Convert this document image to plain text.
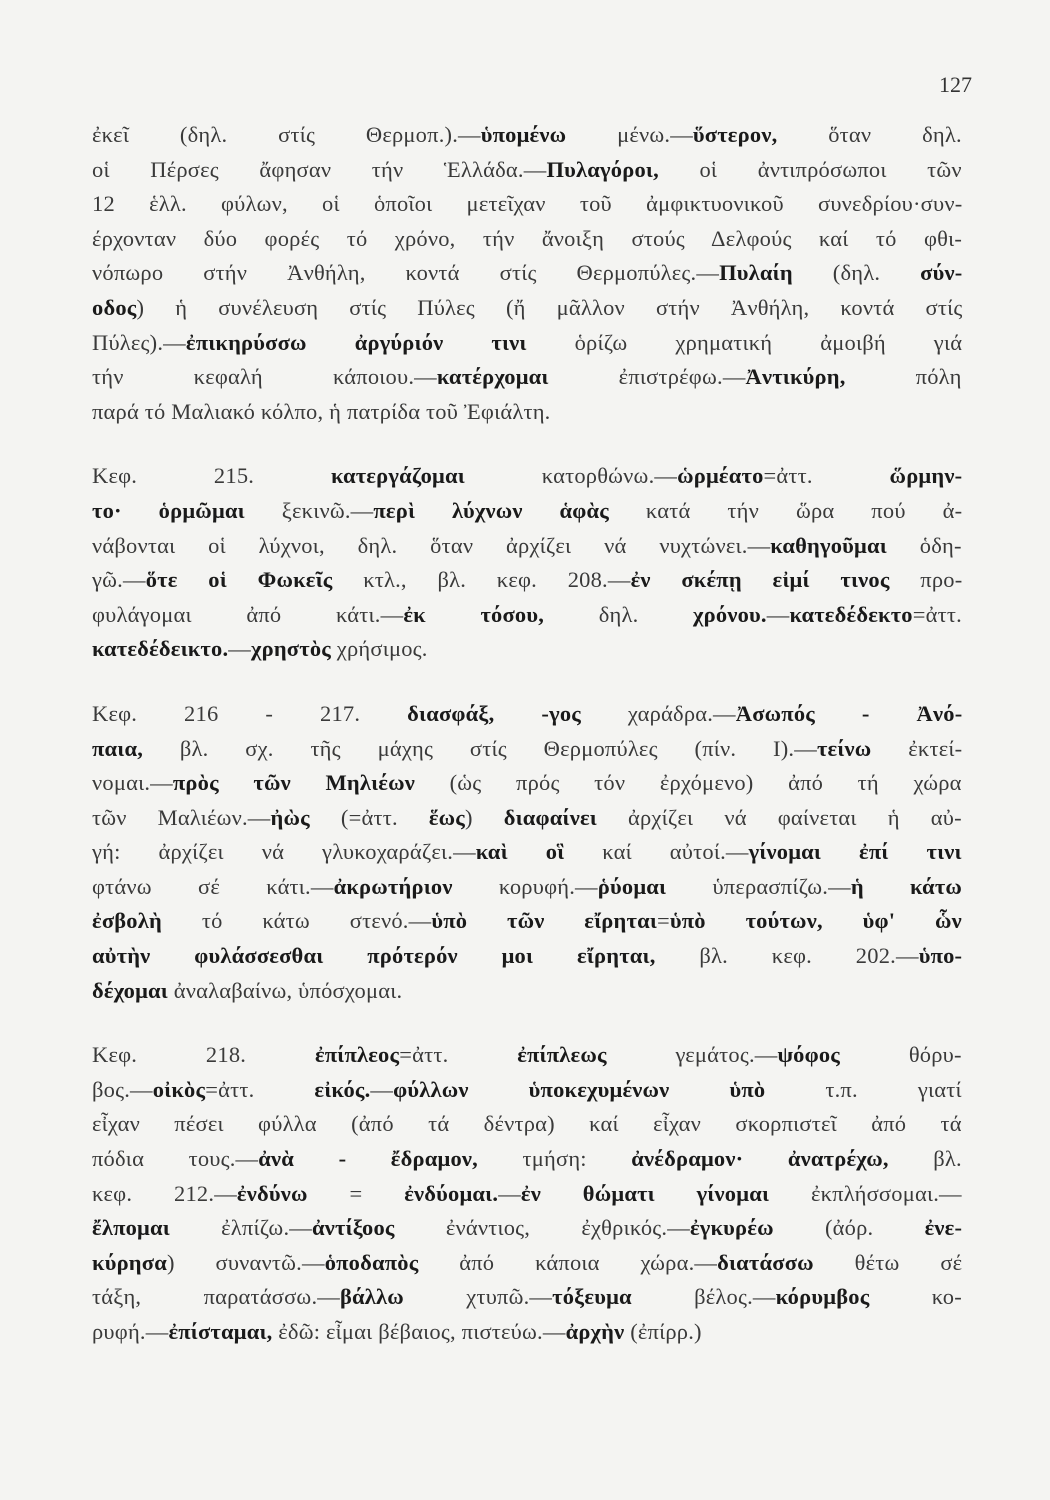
127
ἐκεῖ (δηλ. στίς Θερμοπ.).—ὑπομένω μένω.—ὕστερον, ὅταν δηλ.
οἱ Πέρσες ἄφησαν τήν Ἑλλάδα.—Πυλαγόροι, οἱ ἀντιπρόσωποι τῶν
12 ἑλλ. φύλων, οἱ ὁποῖοι μετεῖχαν τοῦ ἀμφικτυονικοῦ συνεδρίου·συν-
έρχονταν δύο φορές τό χρόνο, τήν ἄνοιξη στούς Δελφούς καί τό φθι-
νόπωρο στήν Ἀνθήλη, κοντά στίς Θερμοπύλες.—Πυλαίη (δηλ. σύν-
οδος) ἡ συνέλευση στίς Πύλες (ἤ μᾶλλον στήν Ἀνθήλη, κοντά στίς
Πύλες).—ἐπικηρύσσω ἀργύριόν τινι ὁρίζω χρηματική ἀμοιβή γιά
τήν κεφαλή κάποιου.—κατέρχομαι ἐπιστρέφω.—Ἀντικύρη, πόλη
παρά τό Μαλιακό κόλπο, ἡ πατρίδα τοῦ Ἐφιάλτη.
Κεφ. 215. κατεργάζομαι κατορθώνω.—ὡρμέατο=ἀττ. ὥρμην-
το· ὁρμῶμαι ξεκινῶ.—περὶ λύχνων ἁφὰς κατά τήν ὥρα πού ἀ-
νάβονται οἱ λύχνοι, δηλ. ὅταν ἀρχίζει νά νυχτώνει.—καθηγοῦμαι ὁδη-
γῶ.—ὅτε οἱ Φωκεῖς κτλ., βλ. κεφ. 208.—ἐν σκέπῃ εἰμί τινος προ-
φυλάγομαι ἀπό κάτι.—ἐκ τόσου, δηλ. χρόνου.—κατεδέδεκτο=ἀττ.
κατεδέδεικτο.—χρηστὸς χρήσιμος.
Κεφ. 216 - 217. διασφάξ, -γος χαράδρα.—Ἀσωπός - Ἀνό-
παια, βλ. σχ. τῆς μάχης στίς Θερμοπύλες (πίν. I).—τείνω ἐκτεί-
νομαι.—πρὸς τῶν Μηλιέων (ὡς πρός τόν ἐρχόμενο) ἀπό τή χώρα
τῶν Μαλιέων.—ἠὼς (=ἀττ. ἕως) διαφαίνει ἀρχίζει νά φαίνεται ἡ αὐ-
γή: ἀρχίζει νά γλυκοχαράζει.—καὶ οἳ καί αὐτοί.—γίνομαι ἐπί τινι
φτάνω σέ κάτι.—ἀκρωτήριον κορυφή.—ῥύομαι ὑπερασπίζω.—ἡ κάτω
ἐσβολὴ τό κάτω στενό.—ὑπὸ τῶν εἴρηται=ὑπὸ τούτων, ὑφ' ὧν
αὐτὴν φυλάσσεσθαι πρότερόν μοι εἴρηται, βλ. κεφ. 202.—ὑπο-
δέχομαι ἀναλαβαίνω, ὑπόσχομαι.
Κεφ. 218. ἐπίπλεος=ἀττ. ἐπίπλεως γεμάτος.—ψόφος θόρυ-
βος.—οἰκὸς=ἀττ. εἰκός.—φύλλων ὑποκεχυμένων ὑπὸ τ.π. γιατί
εἶχαν πέσει φύλλα (ἀπό τά δέντρα) καί εἶχαν σκορπιστεῖ ἀπό τά
πόδια τους.—ἀνὰ - ἔδραμον, τμήση: ἀνέδραμον· ἀνατρέχω, βλ.
κεφ. 212.—ἐνδύνω = ἐνδύομαι.—ἐν θώματι γίνομαι ἐκπλήσσομαι.—
ἔλπομαι ἐλπίζω.—ἀντίξοος ἐνάντιος, ἐχθρικός.—ἐγκυρέω (ἀόρ. ἐνε-
κύρησα) συναντῶ.—ὁποδαπὸς ἀπό κάποια χώρα.—διατάσσω θέτω σέ
τάξη, παρατάσσω.—βάλλω χτυπῶ.—τόξευμα βέλος.—κόρυμβος κο-
ρυφή.—ἐπίσταμαι, ἐδῶ: εἶμαι βέβαιος, πιστεύω.—ἀρχὴν (ἐπίρρ.)
